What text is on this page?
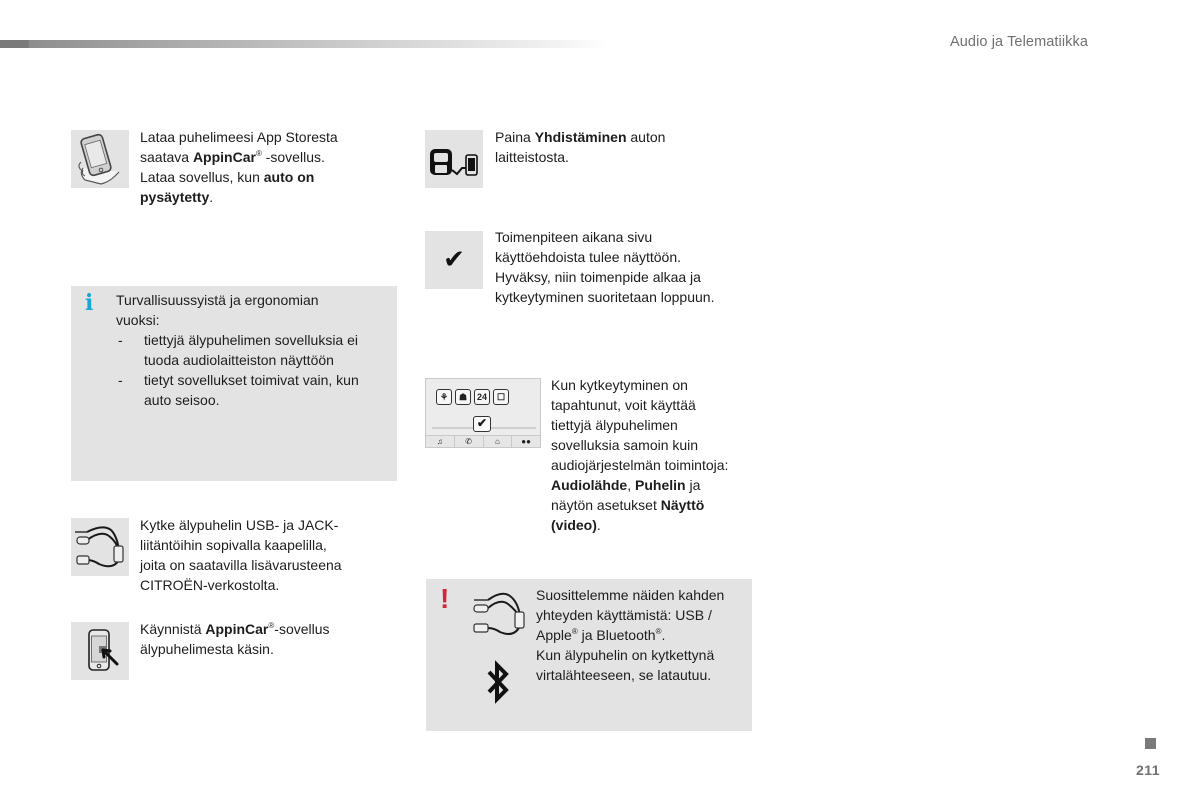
Audio ja Telematiikka
Lataa puhelimeesi App Storesta
saatava AppinCar® -sovellus.
Lataa sovellus, kun auto on
pysäytetty.
i Turvallisuussyistä ja ergonomian
vuoksi:
- tiettyjä älypuhelimen sovelluksia ei
tuoda audiolaitteiston näyttöön
- tietyt sovellukset toimivat vain, kun
auto seisoo.
Kytke älypuhelin USB- ja JACK-
liitäntöihin sopivalla kaapelilla,
joita on saatavilla lisävarusteena
CITROËN-verkostolta.
Käynnistä AppinCar®-sovellus
älypuhelimesta käsin.
Paina Yhdistäminen auton
laitteistosta.
✔
Toimenpiteen aikana sivu
käyttöehdoista tulee näyttöön.
Hyväksy, niin toimenpide alkaa ja
kytkeytyminen suoritetaan loppuun.
⚘	☗	24	☐
✔
♫	✆	⌂	●●
Kun kytkeytyminen on
tapahtunut, voit käyttää
tiettyjä älypuhelimen
sovelluksia samoin kuin
audiojärjestelmän toimintoja:
Audiolähde, Puhelin ja
näytön asetukset Näyttö
(video).
!	Suosittelemme näiden kahden
yhteyden käyttämistä: USB /
Apple® ja Bluetooth®.
Kun älypuhelin on kytkettynä
virtalähteeseen, se latautuu.
211
